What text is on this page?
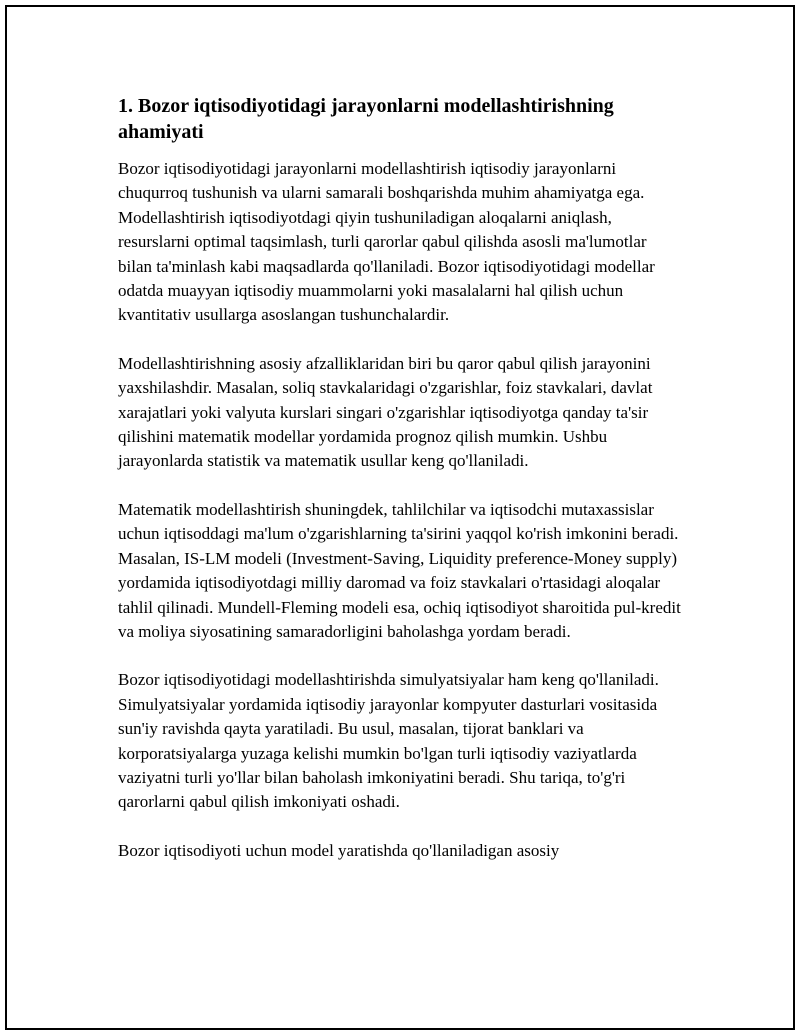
1. Bozor iqtisodiyotidagi jarayonlarni modellashtirishning ahamiyati

Bozor iqtisodiyotidagi jarayonlarni modellashtirish iqtisodiy jarayonlarni chuqurroq tushunish va ularni samarali boshqarishda muhim ahamiyatga ega. Modellashtirish iqtisodiyotdagi qiyin tushuniladigan aloqalarni aniqlash, resurslarni optimal taqsimlash, turli qarorlar qabul qilishda asosli ma'lumotlar bilan ta'minlash kabi maqsadlarda qo'llaniladi. Bozor iqtisodiyotidagi modellar odatda muayyan iqtisodiy muammolarni yoki masalalarni hal qilish uchun kvantitativ usullarga asoslangan tushunchalardir.

Modellashtirishning asosiy afzalliklaridan biri bu qaror qabul qilish jarayonini yaxshilashdir. Masalan, soliq stavkalaridagi o'zgarishlar, foiz stavkalari, davlat xarajatlari yoki valyuta kurslari singari o'zgarishlar iqtisodiyotga qanday ta'sir qilishini matematik modellar yordamida prognoz qilish mumkin. Ushbu jarayonlarda statistik va matematik usullar keng qo'llaniladi.

Matematik modellashtirish shuningdek, tahlilchilar va iqtisodchi mutaxassislar uchun iqtisoddagi ma'lum o'zgarishlarning ta'sirini yaqqol ko'rish imkonini beradi. Masalan, IS-LM modeli (Investment-Saving, Liquidity preference-Money supply) yordamida iqtisodiyotdagi milliy daromad va foiz stavkalari o'rtasidagi aloqalar tahlil qilinadi. Mundell-Fleming modeli esa, ochiq iqtisodiyot sharoitida pul-kredit va moliya siyosatining samaradorligini baholashga yordam beradi.

Bozor iqtisodiyotidagi modellashtirishda simulyatsiyalar ham keng qo'llaniladi. Simulyatsiyalar yordamida iqtisodiy jarayonlar kompyuter dasturlari vositasida sun'iy ravishda qayta yaratiladi. Bu usul, masalan, tijorat banklari va korporatsiyalarga yuzaga kelishi mumkin bo'lgan turli iqtisodiy vaziyatlarda vaziyatni turli yo'llar bilan baholash imkoniyatini beradi. Shu tariqa, to'g'ri qarorlarni qabul qilish imkoniyati oshadi.

Bozor iqtisodiyoti uchun model yaratishda qo'llaniladigan asosiy
